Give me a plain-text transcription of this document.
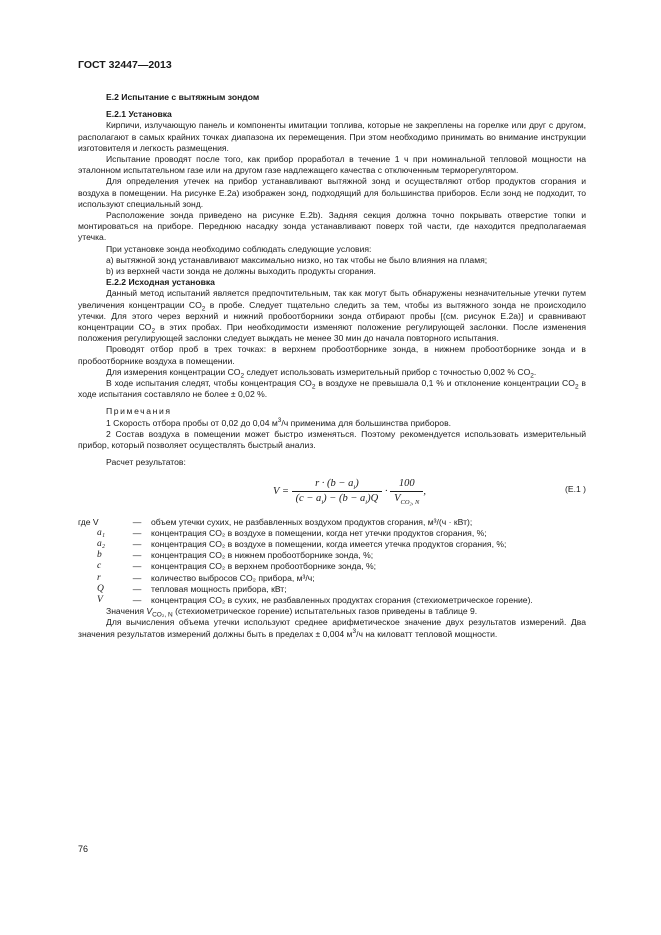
ГОСТ 32447—2013

Е.2 Испытание с вытяжным зондом

Е.2.1 Установка

Кирпичи, излучающую панель и компоненты имитации топлива, которые не закреплены на горелке или друг с другом, располагают в самых крайних точках диапазона их перемещения. При этом необходимо принимать во внимание инструкции изготовителя и легкость размещения.

Испытание проводят после того, как прибор проработал в течение 1 ч при номинальной тепловой мощности на эталонном испытательном газе или на другом газе надлежащего качества с отключенным терморегулятором.

Для определения утечек на прибор устанавливают вытяжной зонд и осуществляют отбор продуктов сгорания и воздуха в помещении. На рисунке Е.2а) изображен зонд, подходящий для большинства приборов. Если зонд не подходит, то используют специальный зонд.

Расположение зонда приведено на рисунке Е.2b). Задняя секция должна точно покрывать отверстие топки и монтироваться на приборе. Переднюю насадку зонда устанавливают поверх той части, где находится предполагаемая утечка.

При установке зонда необходимо соблюдать следующие условия:

а) вытяжной зонд устанавливают максимально низко, но так чтобы не было влияния на пламя;

b) из верхней части зонда не должны выходить продукты сгорания.

Е.2.2 Исходная установка

Данный метод испытаний является предпочтительным, так как могут быть обнаружены незначительные утечки путем увеличения концентрации $CO_2$ в пробе. Следует тщательно следить за тем, чтобы из вытяжного зонда не происходило утечки. Для этого через верхний и нижний пробоотборники зонда отбирают пробы [(см. рисунок Е.2а)] и сравнивают концентрации $CO_2$ в этих пробах. При необходимости изменяют положение регулирующей заслонки. После изменения положения регулирующей заслонки следует выждать не менее 30 мин до начала повторного испытания.

Проводят отбор проб в трех точках: в верхнем пробоотборнике зонда, в нижнем пробоотборнике зонда и в пробоотборнике воздуха в помещении.

Для измерения концентрации $CO_2$ следует использовать измерительный прибор с точностью 0,002 % $CO_2$.

В ходе испытания следят, чтобы концентрация $CO_2$ в воздухе не превышала 0,1 % и отклонение концентрации $CO_2$ в ходе испытания составляло не более ± 0,02 %.

Примечания

1 Скорость отбора пробы от 0,02 до 0,04 $м^3/ч$ применима для большинства приборов.

2 Состав воздуха в помещении может быстро изменяться. Поэтому рекомендуется использовать измерительный прибор, который позволяет осуществлять быстрый анализ.

Расчет результатов:

$V = \frac{r \cdot (b - a_i)}{(c - a_i) - (b - a_i)Q} \cdot \frac{100}{V_{CO_2, N}}$ ,	(Е.1 )
где V	—	объем утечки сухих, не разбавленных воздухом продуктов сгорания, м³/(ч · кВт);
a₁	—	концентрация CO₂ в воздухе в помещении, когда нет утечки продуктов сгорания, %;
a₂	—	концентрация CO₂ в воздухе в помещении, когда имеется утечка продуктов сгорания, %;
b	—	концентрация CO₂ в нижнем пробоотборнике зонда, %;
c	—	концентрация CO₂ в верхнем пробоотборнике зонда, %;
r	—	количество выбросов CO₂ прибора, м³/ч;
Q	—	тепловая мощность прибора, кВт;
V	—	концентрация CO₂ в сухих, не разбавленных продуктах сгорания (стехиометрическое горение).

Значения $V_{CO_2, N}$ (стехиометрическое горение) испытательных газов приведены в таблице 9.

Для вычисления объема утечки используют среднее арифметическое значение двух результатов измерений. Два значения результатов измерений должны быть в пределах ± 0,004 $м^3/ч$ на киловатт тепловой мощности.

76
